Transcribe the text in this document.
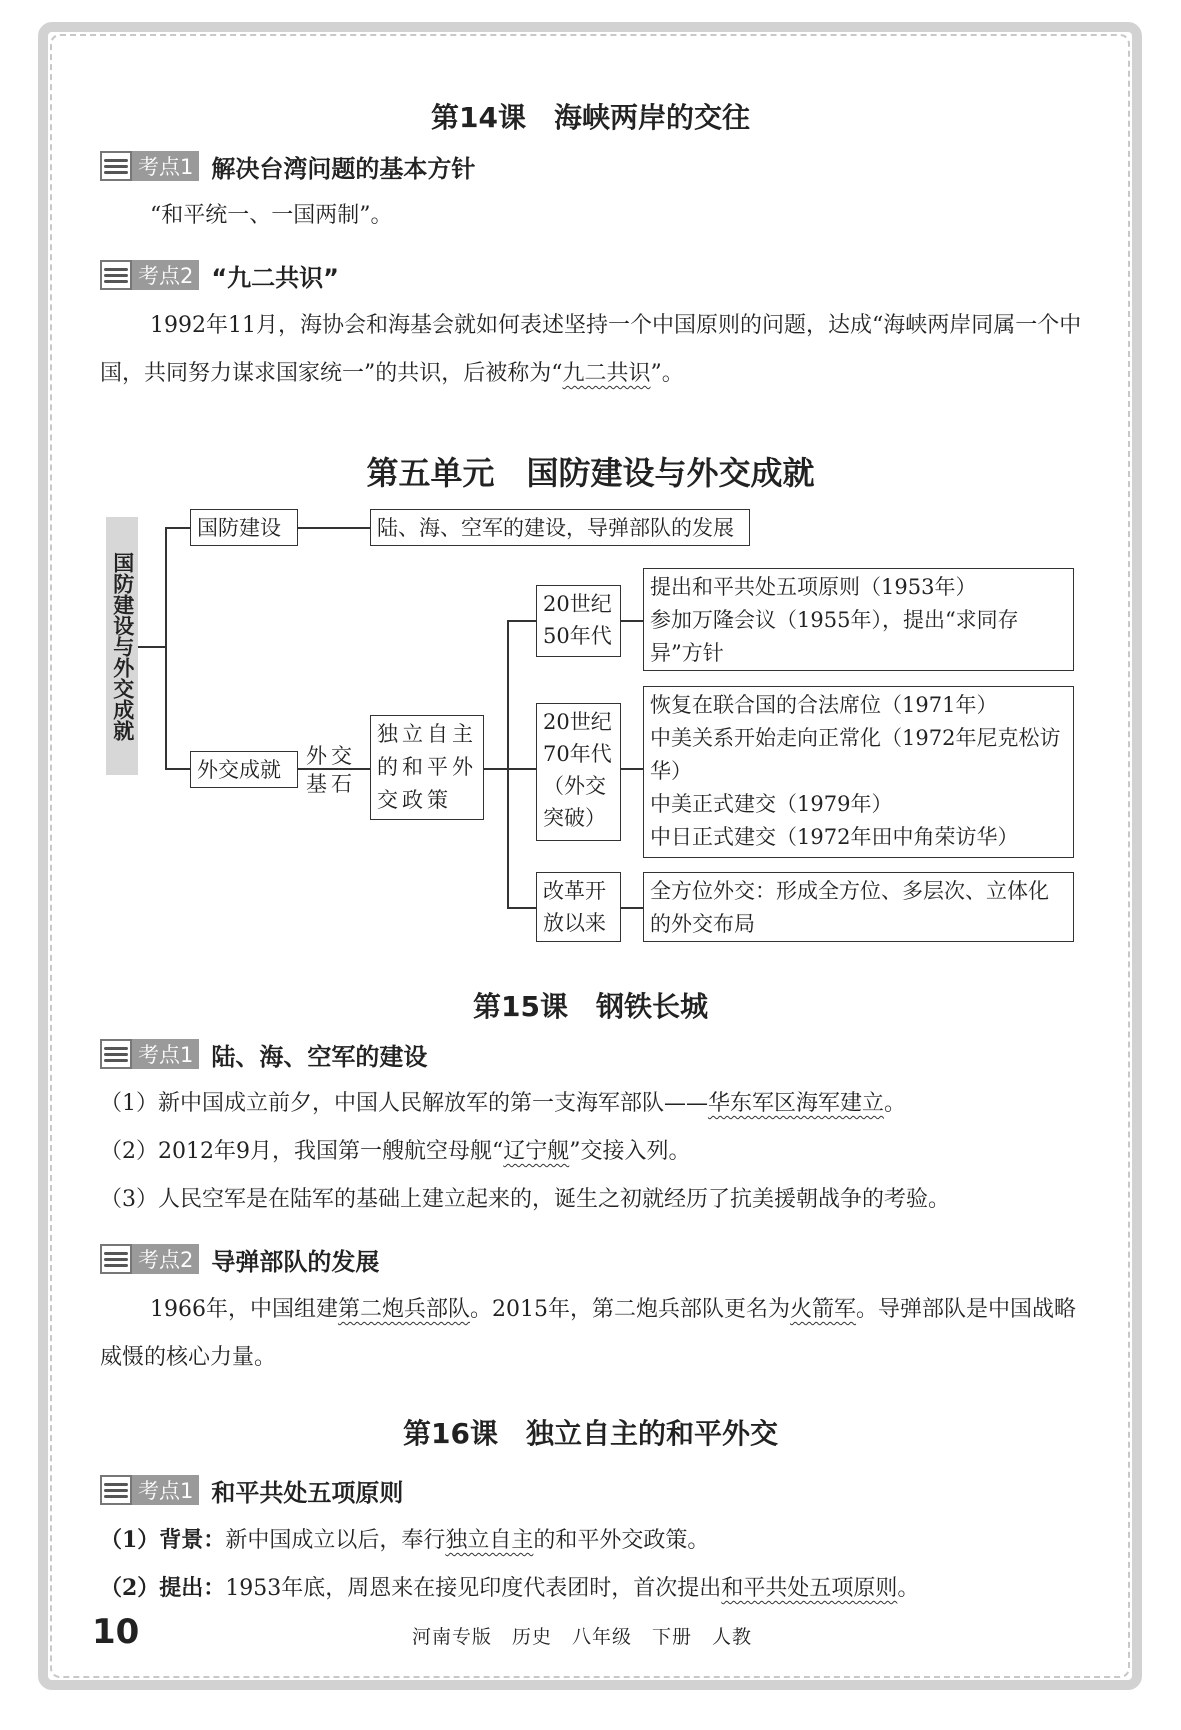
第14课　海峡两岸的交往
考点1 解决台湾问题的基本方针
“和平统一、一国两制”。
考点2 “九二共识”
1992年11月，海协会和海基会就如何表述坚持一个中国原则的问题，达成“海峡两岸同属一个中国，共同努力谋求国家统一”的共识，后被称为“九二共识”。
第五单元　国防建设与外交成就
国防建设与外交成就
国防建设	陆、海、空军的建设，导弹部队的发展
外交成就
外交基石
独立自主的和平外交政策
20世纪50年代
提出和平共处五项原则（1953年）
参加万隆会议（1955年），提出“求同存异”方针
20世纪70年代（外交突破）
恢复在联合国的合法席位（1971年）
中美关系开始走向正常化（1972年尼克松访华）
中美正式建交（1979年）
中日正式建交（1972年田中角荣访华）
改革开放以来
全方位外交：形成全方位、多层次、立体化的外交布局
第15课　钢铁长城
考点1 陆、海、空军的建设
（1）新中国成立前夕，中国人民解放军的第一支海军部队——华东军区海军建立。
（2）2012年9月，我国第一艘航空母舰“辽宁舰”交接入列。
（3）人民空军是在陆军的基础上建立起来的，诞生之初就经历了抗美援朝战争的考验。
考点2 导弹部队的发展
1966年，中国组建第二炮兵部队。2015年，第二炮兵部队更名为火箭军。导弹部队是中国战略威慑的核心力量。
第16课　独立自主的和平外交
考点1 和平共处五项原则
（1）背景：新中国成立以后，奉行独立自主的和平外交政策。
（2）提出：1953年底，周恩来在接见印度代表团时，首次提出和平共处五项原则。
10	河南专版　历史　八年级　下册　人教
